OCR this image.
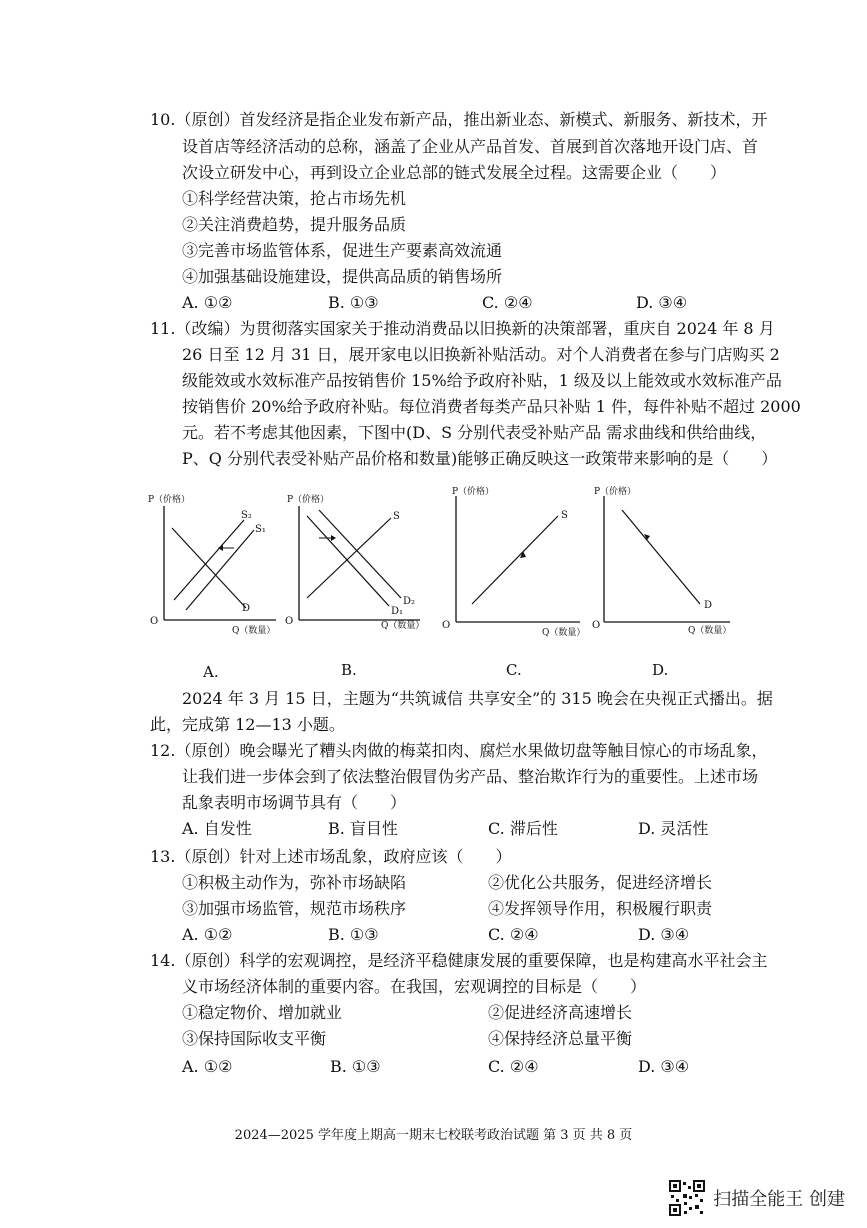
10.（原创）首发经济是指企业发布新产品，推出新业态、新模式、新服务、新技术，开
设首店等经济活动的总称，涵盖了企业从产品首发、首展到首次落地开设门店、首
次设立研发中心，再到设立企业总部的链式发展全过程。这需要企业（　　）
①科学经营决策，抢占市场先机
②关注消费趋势，提升服务品质
③完善市场监管体系，促进生产要素高效流通
④加强基础设施建设，提供高品质的销售场所
A. ①②	B. ①③	C. ②④	D. ③④
11.（改编）为贯彻落实国家关于推动消费品以旧换新的决策部署，重庆自 2024 年 8 月
26 日至 12 月 31 日，展开家电以旧换新补贴活动。对个人消费者在参与门店购买 2
级能效或水效标准产品按销售价 15%给予政府补贴，1 级及以上能效或水效标准产品
按销售价 20%给予政府补贴。每位消费者每类产品只补贴 1 件，每件补贴不超过 2000
元。若不考虑其他因素，下图中(D、S 分别代表受补贴产品 需求曲线和供给曲线，
P、Q 分别代表受补贴产品价格和数量)能够正确反映这一政策带来影响的是（　　）
P（价格）
O
Q（数量）
S₂
S₁
D
P（价格）
O	Q（数量）
S
D₂
D₁
P（价格）
O
Q（数量）
S
P（价格）
O	Q（数量）
D
A.	B.	C.	D.
2024 年 3 月 15 日，主题为“共筑诚信 共享安全”的 315 晚会在央视正式播出。据
此，完成第 12—13 小题。
12.（原创）晚会曝光了糟头肉做的梅菜扣肉、腐烂水果做切盘等触目惊心的市场乱象，
让我们进一步体会到了依法整治假冒伪劣产品、整治欺诈行为的重要性。上述市场
乱象表明市场调节具有（　　）
A. 自发性	B. 盲目性	C. 滞后性	D. 灵活性
13.（原创）针对上述市场乱象，政府应该（　　）
①积极主动作为，弥补市场缺陷	②优化公共服务，促进经济增长
③加强市场监管，规范市场秩序	④发挥领导作用，积极履行职责
A. ①②	B. ①③	C. ②④	D. ③④
14.（原创）科学的宏观调控，是经济平稳健康发展的重要保障，也是构建高水平社会主
义市场经济体制的重要内容。在我国，宏观调控的目标是（　　）
①稳定物价、增加就业	②促进经济高速增长
③保持国际收支平衡	④保持经济总量平衡
A. ①②	B. ①③	C. ②④	D. ③④
2024—2025 学年度上期高一期末七校联考政治试题 第 3 页 共 8 页
扫描全能王 创建
